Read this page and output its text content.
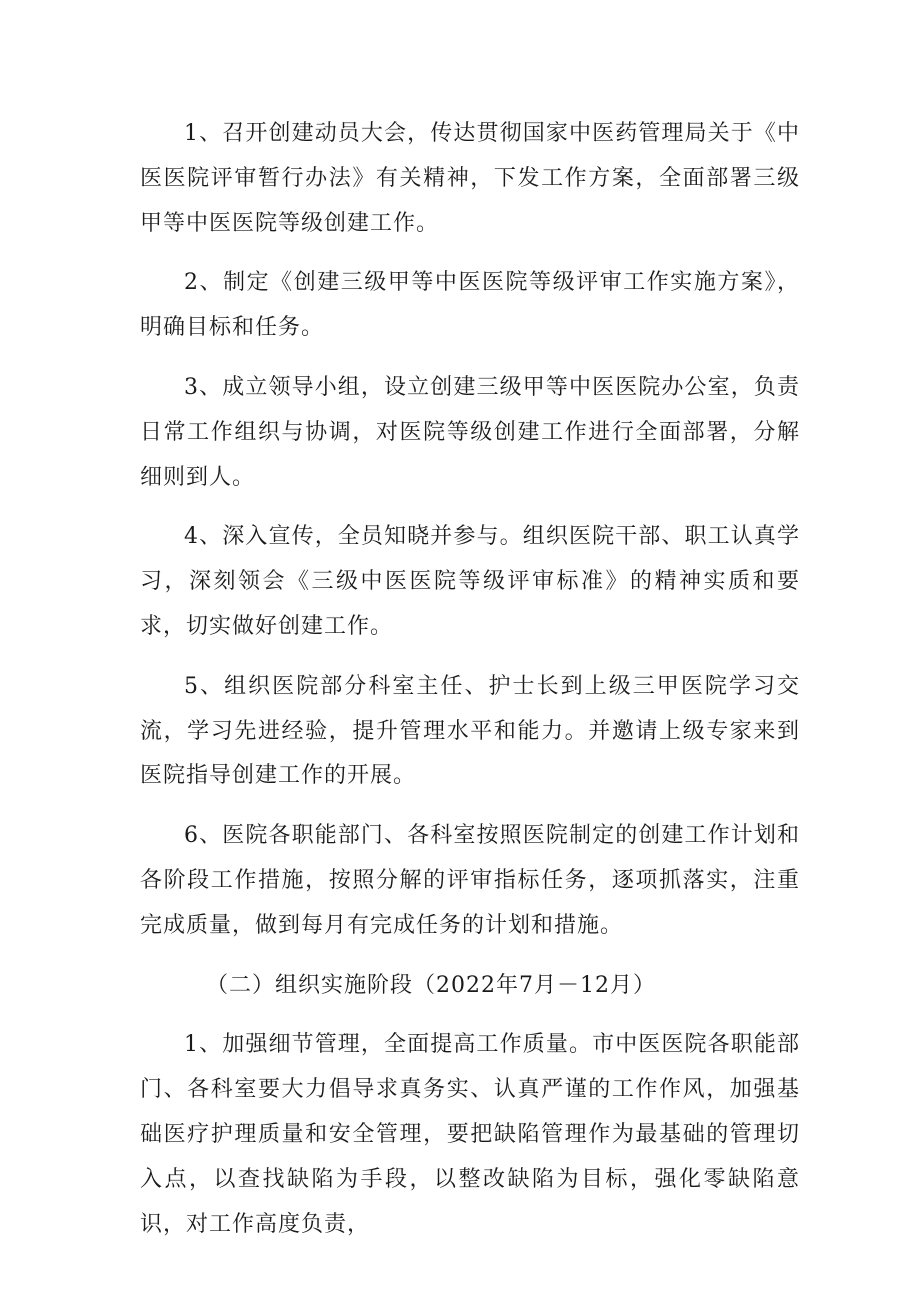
1、召开创建动员大会，传达贯彻国家中医药管理局关于《中医医院评审暂行办法》有关精神，下发工作方案，全面部署三级甲等中医医院等级创建工作。

2、制定《创建三级甲等中医医院等级评审工作实施方案》，明确目标和任务。

3、成立领导小组，设立创建三级甲等中医医院办公室，负责日常工作组织与协调，对医院等级创建工作进行全面部署，分解细则到人。

4、深入宣传，全员知晓并参与。组织医院干部、职工认真学习，深刻领会《三级中医医院等级评审标准》的精神实质和要求，切实做好创建工作。

5、组织医院部分科室主任、护士长到上级三甲医院学习交流，学习先进经验，提升管理水平和能力。并邀请上级专家来到医院指导创建工作的开展。

6、医院各职能部门、各科室按照医院制定的创建工作计划和各阶段工作措施，按照分解的评审指标任务，逐项抓落实，注重完成质量，做到每月有完成任务的计划和措施。

（二）组织实施阶段（2022年7月－12月）

1、加强细节管理，全面提高工作质量。市中医医院各职能部门、各科室要大力倡导求真务实、认真严谨的工作作风，加强基础医疗护理质量和安全管理，要把缺陷管理作为最基础的管理切入点，以查找缺陷为手段，以整改缺陷为目标，强化零缺陷意识，对工作高度负责，
